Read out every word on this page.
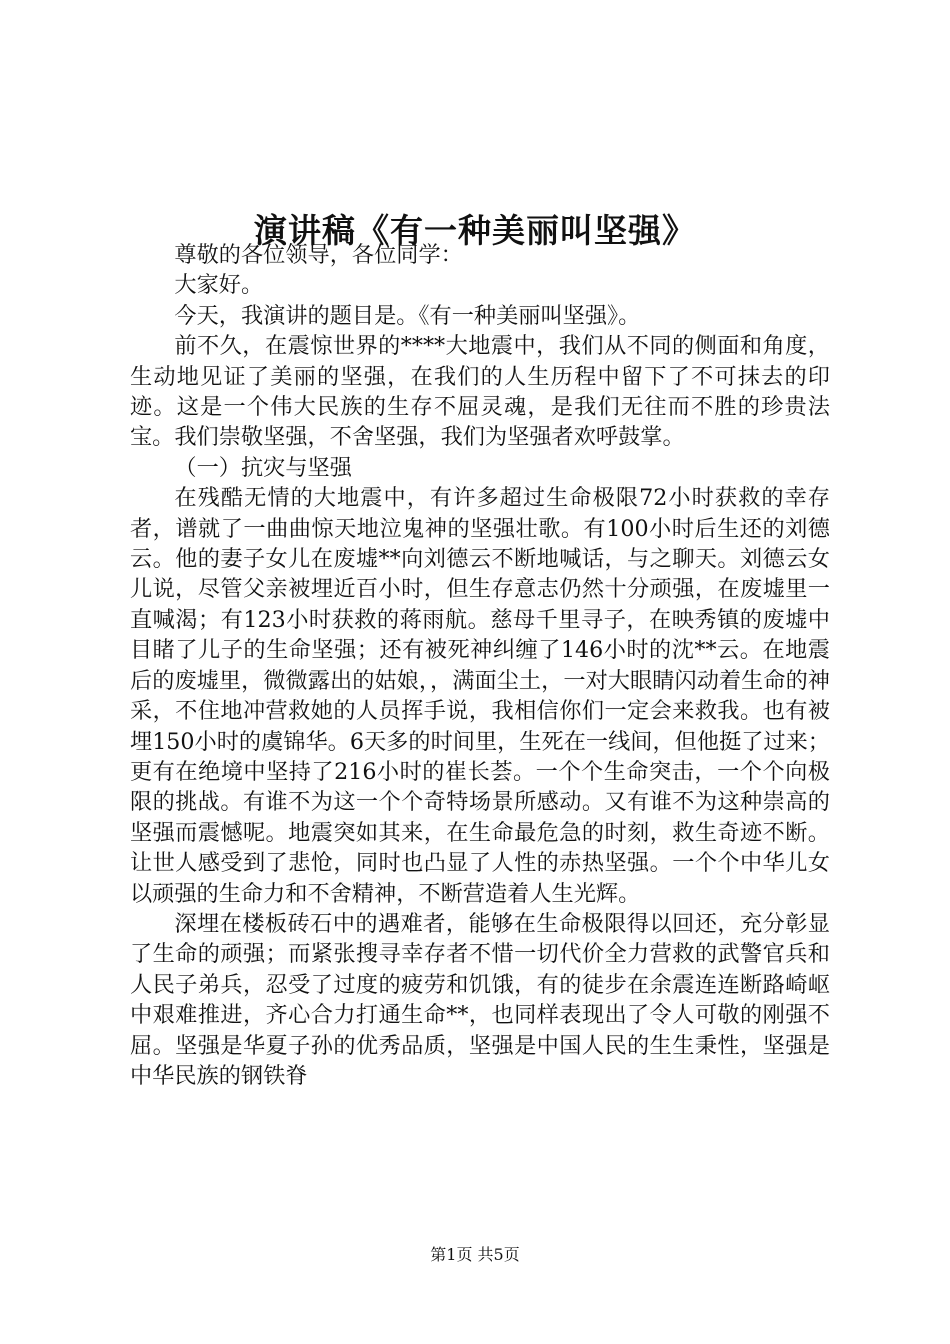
演讲稿《有一种美丽叫坚强》

尊敬的各位领导，各位同学：

大家好。

今天，我演讲的题目是。《有一种美丽叫坚强》。

前不久，在震惊世界的****大地震中，我们从不同的侧面和角度，生动地见证了美丽的坚强，在我们的人生历程中留下了不可抹去的印迹。这是一个伟大民族的生存不屈灵魂，是我们无往而不胜的珍贵法宝。我们崇敬坚强，不舍坚强，我们为坚强者欢呼鼓掌。

（一）抗灾与坚强

在残酷无情的大地震中，有许多超过生命极限72小时获救的幸存者，谱就了一曲曲惊天地泣鬼神的坚强壮歌。有100小时后生还的刘德云。他的妻子女儿在废墟**向刘德云不断地喊话，与之聊天。刘德云女儿说，尽管父亲被埋近百小时，但生存意志仍然十分顽强，在废墟里一直喊渴；有123小时获救的蒋雨航。慈母千里寻子，在映秀镇的废墟中目睹了儿子的生命坚强；还有被死神纠缠了146小时的沈**云。在地震后的废墟里，微微露出的姑娘，，满面尘土，一对大眼睛闪动着生命的神采，不住地冲营救她的人员挥手说，我相信你们一定会来救我。也有被埋150小时的虞锦华。6天多的时间里，生死在一线间，但他挺了过来；更有在绝境中坚持了216小时的崔长荟。一个个生命突击，一个个向极限的挑战。有谁不为这一个个奇特场景所感动。又有谁不为这种崇高的坚强而震憾呢。地震突如其来，在生命最危急的时刻，救生奇迹不断。让世人感受到了悲怆，同时也凸显了人性的赤热坚强。一个个中华儿女以顽强的生命力和不舍精神，不断营造着人生光辉。

深埋在楼板砖石中的遇难者，能够在生命极限得以回还，充分彰显了生命的顽强；而紧张搜寻幸存者不惜一切代价全力营救的武警官兵和人民子弟兵，忍受了过度的疲劳和饥饿，有的徒步在余震连连断路崎岖中艰难推进，齐心合力打通生命**，也同样表现出了令人可敬的刚强不屈。坚强是华夏子孙的优秀品质，坚强是中国人民的生生秉性，坚强是中华民族的钢铁脊

第1页 共5页
